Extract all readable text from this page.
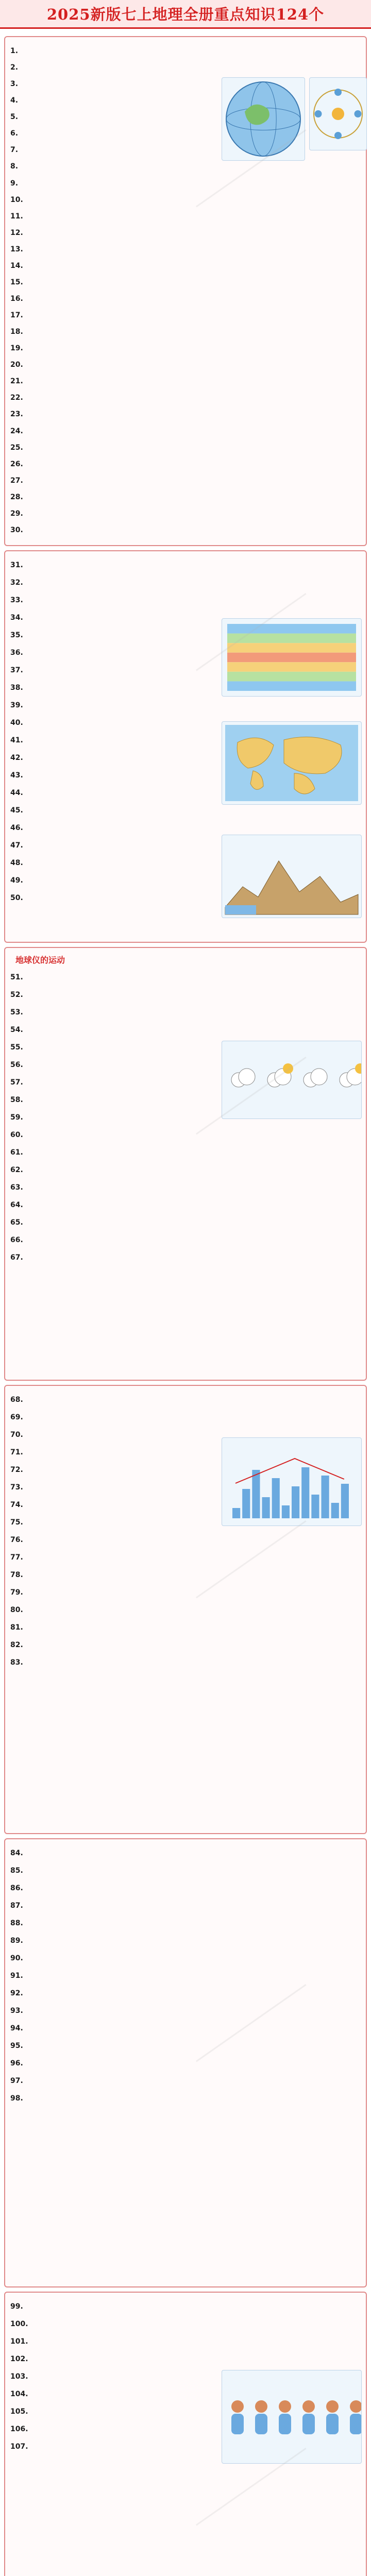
2025新版七上地理全册重点知识124个
1.
2.
3.
4.
5.
6.
7.
8.
9.
10.
11.
12.
13.
14.
15.
16.
17.
18.
19.
20.
21.
22.
23.
24.
25.
26.
27.
28.
29.
30.
31.
32.
33.
34.
35.
36.
37.
38.
39.
40.
41.
42.
43.
44.
45.
46.
47.
48.
49.
50.
51.
52.
53.
54.
55.
56.
57.
58.
59.
60.
61.
62.
63.
64.
65.
66.
67.
68.
69.
70.
71.
72.
73.
74.
75.
76.
77.
78.
79.
80.
81.
82.
83.
84.
85.
86.
87.
88.
89.
90.
91.
92.
93.
94.
95.
96.
97.
98.
99.
100.
101.
102.
103.
104.
105.
106.
107.
地球仪的运动
